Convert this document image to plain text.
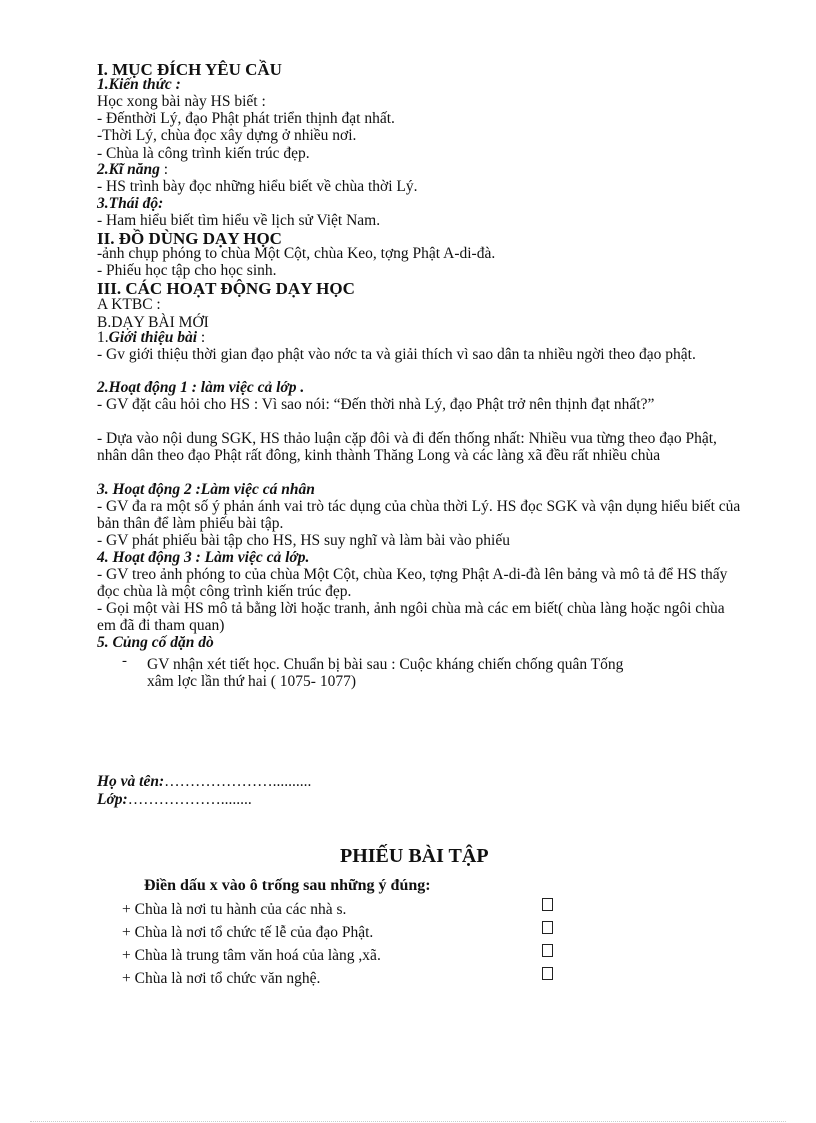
I. MỤC ĐÍCH YÊU CẦU
1.Kiến thức :
Học xong bài này HS biết :
- Đếnthời Lý, đạo Phật phát triển thịnh đạt nhất.
-Thời Lý, chùa đọc xây dựng ở nhiều nơi.
- Chùa là công trình kiến trúc đẹp.
2.Kĩ năng :
- HS trình bày đọc những hiểu biết về chùa thời Lý.
3.Thái độ:
- Ham hiểu biết tìm hiểu về lịch sử Việt Nam.
II. ĐỒ DÙNG DẠY HỌC
-ảnh chụp phóng to chùa Một Cột, chùa Keo, tợng Phật A-di-đà.
- Phiếu học tập cho học sinh.
III. CÁC HOẠT ĐỘNG DẠY HỌC
A KTBC :
B.DẠY BÀI MỚI
1.Giới thiệu bài :
- Gv giới thiệu thời gian đạo phật vào nớc ta và giải thích vì sao dân ta nhiều ngời theo đạo phật.
2.Hoạt động 1 : làm việc cả lớp .
- GV đặt câu hỏi cho HS : Vì sao nói: “Đến thời nhà Lý, đạo Phật trở nên thịnh đạt nhất?”
- Dựa vào nội dung SGK, HS thảo luận cặp đôi và đi đến thống nhất: Nhiều vua từng theo đạo Phật, nhân dân theo đạo Phật rất đông, kinh thành Thăng Long và các làng xã đều rất nhiều chùa
3. Hoạt động 2 :Làm việc cá nhân
- GV đa ra một số ý phản ánh vai trò tác dụng của chùa thời Lý. HS đọc SGK và vận dụng hiểu biết của bản thân để làm phiếu bài tập.
- GV phát phiếu bài tập cho HS, HS suy nghĩ và làm bài vào phiếu
4. Hoạt động 3 : Làm việc cả lớp.
- GV treo ảnh phóng to của chùa Một Cột, chùa Keo, tợng Phật A-di-đà lên bảng và mô tả để HS thấy đọc chùa là một công trình kiến trúc đẹp.
- Gọi một vài HS mô tả bằng lời hoặc tranh, ảnh ngôi chùa mà các em biết( chùa làng hoặc ngôi chùa em đã đi tham quan)
5. Củng cố dặn dò
- GV nhận xét tiết học. Chuẩn bị bài sau : Cuộc kháng chiến chống quân Tống
xâm lợc lần thứ hai ( 1075- 1077)
Họ và tên:…………………..........
Lớp:………………........
PHIẾU BÀI TẬP
Điền dấu x vào ô trống sau những ý đúng:
+ Chùa là nơi tu hành của các nhà s.
+ Chùa là nơi tổ chức tế lễ của đạo Phật.
+ Chùa là trung tâm văn hoá của làng ,xã.
+ Chùa là nơi tổ chức văn nghệ.
